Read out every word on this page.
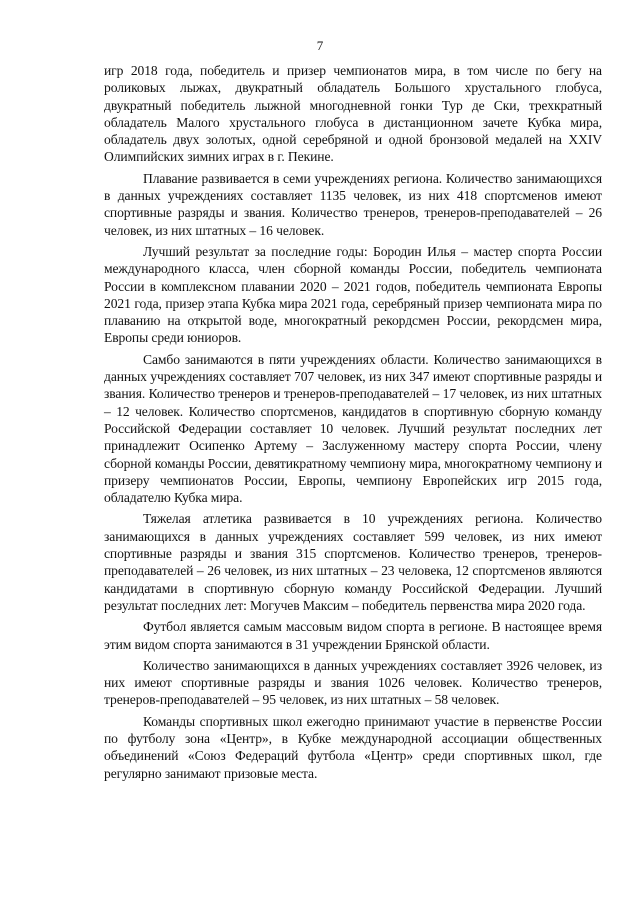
7

игр 2018 года, победитель и призер чемпионатов мира, в том числе по бегу на роликовых лыжах, двукратный обладатель Большого хрустального глобуса, двукратный победитель лыжной многодневной гонки Тур де Ски, трехкратный обладатель Малого хрустального глобуса в дистанционном зачете Кубка мира, обладатель двух золотых, одной серебряной и одной бронзовой медалей на XXIV Олимпийских зимних играх в г. Пекине.

Плавание развивается в семи учреждениях региона. Количество занимающихся в данных учреждениях составляет 1135 человек, из них 418 спортсменов имеют спортивные разряды и звания. Количество тренеров, тренеров-преподавателей – 26 человек, из них штатных – 16 человек.

Лучший результат за последние годы: Бородин Илья – мастер спорта России международного класса, член сборной команды России, победитель чемпионата России в комплексном плавании 2020 – 2021 годов, победитель чемпионата Европы 2021 года, призер этапа Кубка мира 2021 года, серебряный призер чемпионата мира по плаванию на открытой воде, многократный рекордсмен России, рекордсмен мира, Европы среди юниоров.

Самбо занимаются в пяти учреждениях области. Количество занимающихся в данных учреждениях составляет 707 человек, из них 347 имеют спортивные разряды и звания. Количество тренеров и тренеров-преподавателей – 17 человек, из них штатных – 12 человек. Количество спортсменов, кандидатов в спортивную сборную команду Российской Федерации составляет 10 человек. Лучший результат последних лет принадлежит Осипенко Артему – Заслуженному мастеру спорта России, члену сборной команды России, девятикратному чемпиону мира, многократному чемпиону и призеру чемпионатов России, Европы, чемпиону Европейских игр 2015 года, обладателю Кубка мира.

Тяжелая атлетика развивается в 10 учреждениях региона. Количество занимающихся в данных учреждениях составляет 599 человек, из них имеют спортивные разряды и звания 315 спортсменов. Количество тренеров, тренеров-преподавателей – 26 человек, из них штатных – 23 человека, 12 спортсменов являются кандидатами в спортивную сборную команду Российской Федерации. Лучший результат последних лет: Могучев Максим – победитель первенства мира 2020 года.

Футбол является самым массовым видом спорта в регионе. В настоящее время этим видом спорта занимаются в 31 учреждении Брянской области.

Количество занимающихся в данных учреждениях составляет 3926 человек, из них имеют спортивные разряды и звания 1026 человек. Количество тренеров, тренеров-преподавателей – 95 человек, из них штатных – 58 человек.

Команды спортивных школ ежегодно принимают участие в первенстве России по футболу зона «Центр», в Кубке международной ассоциации общественных объединений «Союз Федераций футбола «Центр» среди спортивных школ, где регулярно занимают призовые места.
